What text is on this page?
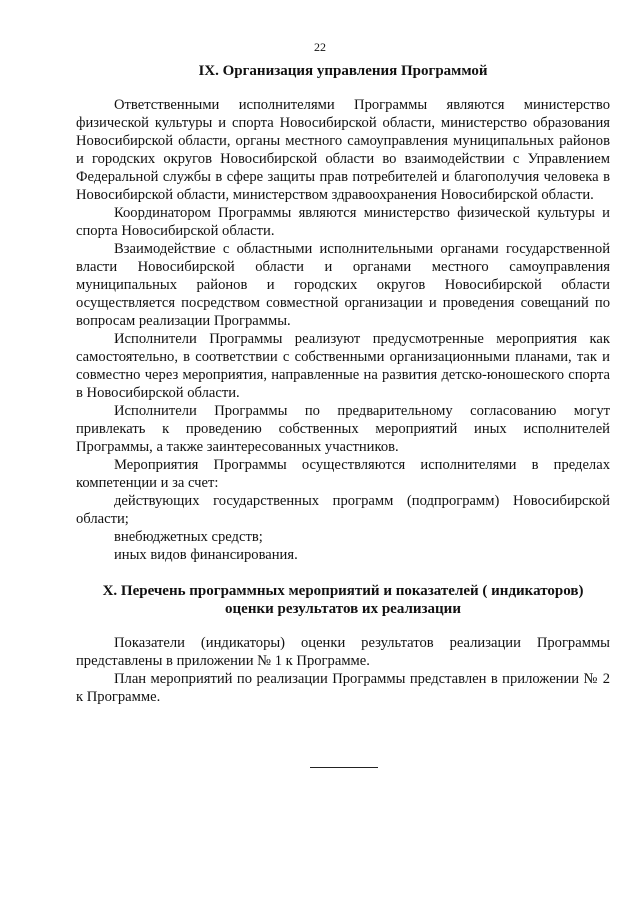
22
IX. Организация управления Программой

Ответственными исполнителями Программы являются министерство физической культуры и спорта Новосибирской области, министерство образования Новосибирской области, органы местного самоуправления муниципальных районов и городских округов Новосибирской области во взаимодействии с Управлением Федеральной службы в сфере защиты прав потребителей и благополучия человека в Новосибирской области, министерством здравоохранения Новосибирской области.

Координатором Программы являются министерство физической культуры и спорта Новосибирской области.

Взаимодействие с областными исполнительными органами государственной власти Новосибирской области и органами местного самоуправления муниципальных районов и городских округов Новосибирской области осуществляется посредством совместной организации и проведения совещаний по вопросам реализации Программы.

Исполнители Программы реализуют предусмотренные мероприятия как самостоятельно, в соответствии с собственными организационными планами, так и совместно через мероприятия, направленные на развития детско-юношеского спорта в Новосибирской области.

Исполнители Программы по предварительному согласованию могут привлекать к проведению собственных мероприятий иных исполнителей Программы, а также заинтересованных участников.

Мероприятия Программы осуществляются исполнителями в пределах компетенции и за счет:

действующих государственных программ (подпрограмм) Новосибирской области;

внебюджетных средств;

иных видов финансирования.

X. Перечень программных мероприятий и показателей ( индикаторов)
оценки результатов их реализации

Показатели (индикаторы) оценки результатов реализации Программы представлены в приложении № 1 к Программе.

План мероприятий по реализации Программы представлен в приложении № 2 к Программе.
